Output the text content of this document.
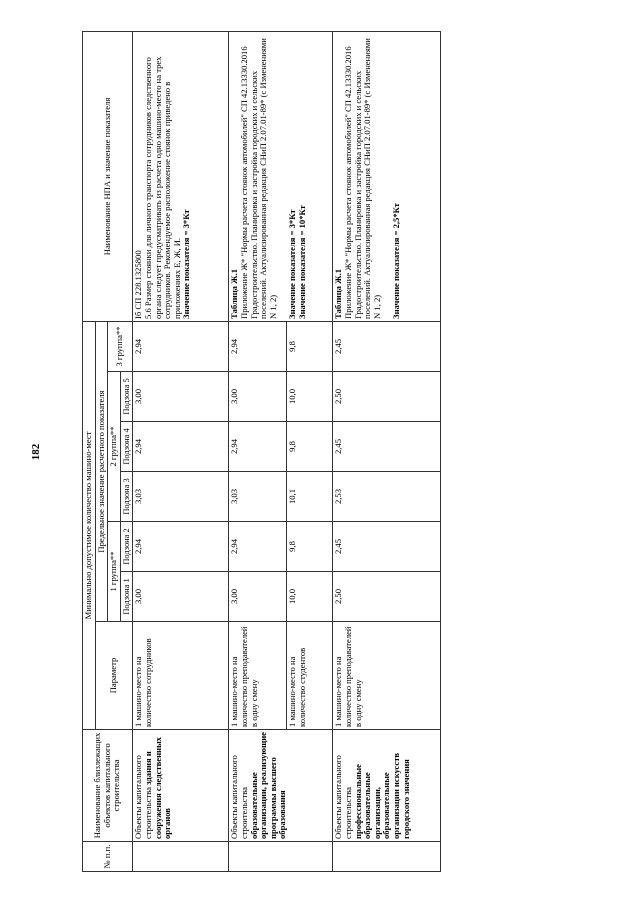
182
№ п.п.	Наименование близлежащих объектов капитального строительства	Минимально допустимое количество машино-мест							Наименование НПА и значение показателя
		Параметр	Предельное значение расчетного показателя						
			1 группа**		2 группа**			3 группа**	
			Подзона 1	Подзона 2	Подзона 3	Подзона 4	Подзона 5		
	Объекты капитального строительства здания и сооружения следственных органов	1 машино-место на количество сотрудников	3,00	2,94	3,03	2,94	3,00	2,94	Iб СП 228.1325800
5.6 Размер стоянки для личного транспорта сотрудников следственного органа следует предусматривать из расчета одно машино-место на трех сотрудников. Рекомендуемое расположение стоянок приведено в приложениях Е, Ж, И. Значение показателя = 3*Кт

	Объекты капитального строительства образовательные организации, реализующие программы высшего образования	1 машино-место на количество преподавателей в одну смену	3,00	2,94	3,03	2,94	3,00	2,94	Таблица Ж.1 Приложение Ж* "Нормы расчета стоянок автомобилей" СП 42.13330.2016 Градостроительство. Планировка и застройка городских и сельских поселений. Актуализированная редакция СНиП 2.07.01-89* (с Изменениями N 1, 2) Значение показателя = 3*Кт Значение показателя = 10*Кт

		1 машино-место на количество студентов	10,0	9,8	10,1	9,8	10,0	9,8	
	Объекты капитального строительства профессиональные образовательные организации, образовательные организации искусств городского значения	1 машино-место на количество преподавателей в одну смену	2,50	2,45	2,53	2,45	2,50	2,45	Таблица Ж.1 Приложение Ж* "Нормы расчета стоянок автомобилей" СП 42.13330.2016 Градостроительство. Планировка и застройка городских и сельских поселений. Актуализированная редакция СНиП 2.07.01-89* (с Изменениями N 1, 2) Значение показателя = 2,5*Кт
